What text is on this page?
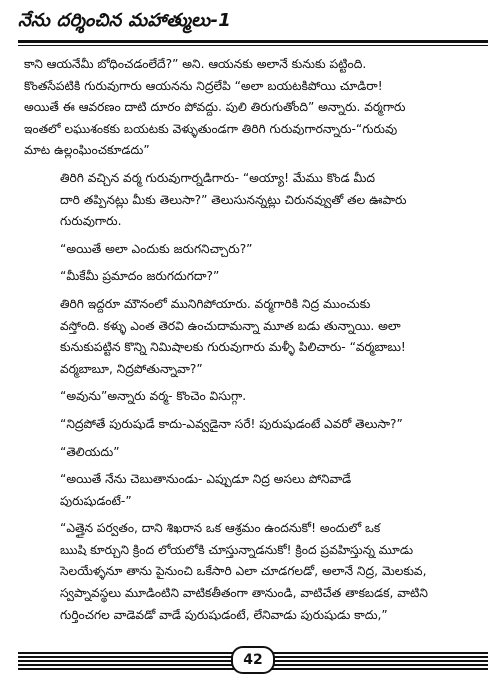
నేను దర్శించిన మహాత్ములు-1

కాని ఆయనేమీ బోధించడంలేదే?” అని. ఆయనకు అలానే కునుకు పట్టింది.
కొంతసేపటికి గురువుగారు ఆయనను నిద్రలేపి “అలా బయటకిపోయి చూడిరా!
అయితే ఈ ఆవరణం దాటి దూరం పోవద్దు. పులి తిరుగుతోంది” అన్నారు. వర్మగారు
ఇంతలో లఘుశంకకు బయటకు వెళ్ళుతుండగా తిరిగి గురువుగారన్నారు-“గురువు
మాట ఉల్లంఘించకూడదు”

తిరిగి వచ్చిన వర్మ గురువుగార్నడిగారు- “అయ్యా! మేము కొండ మీద
దారి తప్పినట్లు మీకు తెలుసా?” తెలుసునన్నట్లు చిరునవ్వుతో తల ఊపారు
గురువుగారు.

“అయితే అలా ఎందుకు జరుగనిచ్చారు?”

“మీకేమీ ప్రమాదం జరుగదుగదా?”

తిరిగి ఇద్దరూ మౌనంలో మునిగిపోయారు. వర్మగారికి నిద్ర ముంచుకు
వస్తోంది. కళ్ళు ఎంత తెరవి ఉంచుదామన్నా మూత బడు తున్నాయి. అలా
కునుకుపట్టిన కొన్ని నిమిషాలకు గురువుగారు మళ్ళీ పిలిచారు- “వర్మబాబు!
వర్మబాబూ, నిద్రపోతున్నావా?”

“అవును”అన్నారు వర్మ- కొంచెం విసుగ్గా.

“నిద్రపోతే పురుషుడే కాదు-ఎవ్వడైనా సరే! పురుషుడంటే ఎవరో తెలుసా?”

“తెలియదు”

“అయితే నేను చెబుతానుండు- ఎప్పుడూ నిద్ర అసలు పోనివాడే
పురుషుడంటే-”

“ఎత్తైన పర్వతం, దాని శిఖరాన ఒక ఆశ్రమం ఉందనుకో! అందులో ఒక
ఋషి కూర్చుని క్రింద లోయలోకి చూస్తున్నాడనుకో! క్రింద ప్రవహిస్తున్న మూడు
సెలయేళ్ళనూ తాను పైనుంచి ఒకేసారి ఎలా చూడగలడో, అలానే నిద్ర, మెలకువ,
స్వప్నావస్థలు మూడింటిని వాటికతీతంగా తానుండి, వాటిచేత తాకబడక, వాటిని
గుర్తించగల వాడెవడో వాడే పురుషుడంటే, లేనివాడు పురుషుడు కాదు,”

42
